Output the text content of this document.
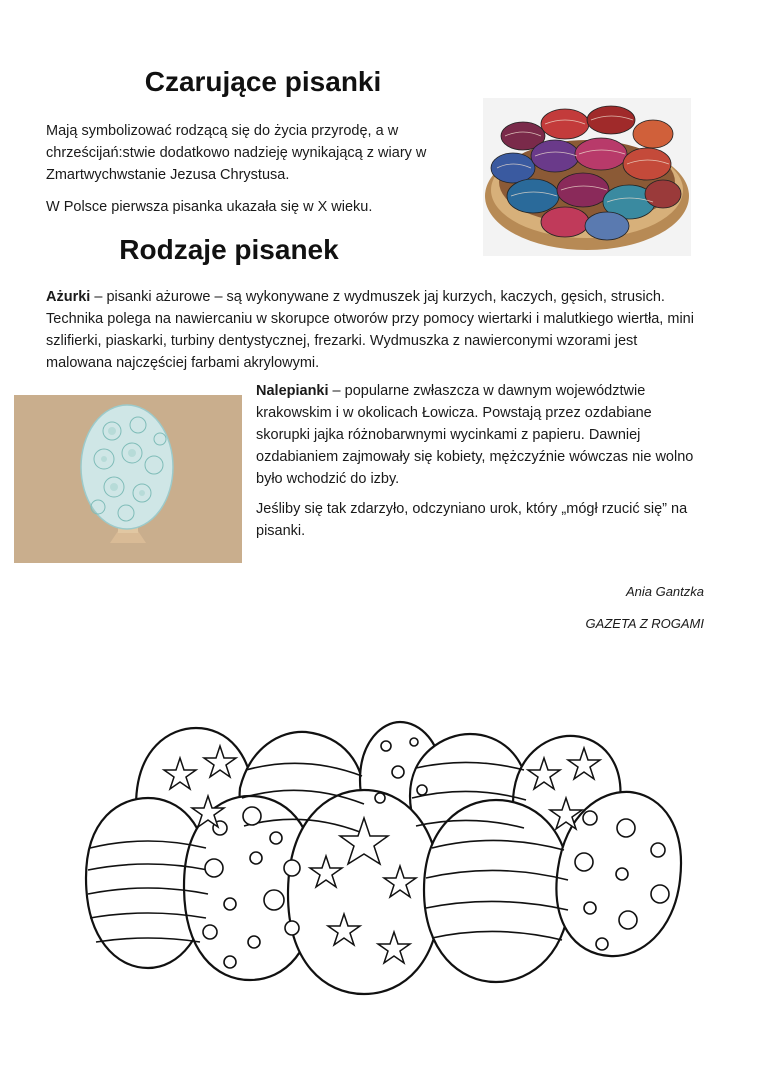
Czarujące pisanki

Mają symbolizować rodzącą się do życia przyrodę, a w chrześcijań:stwie dodatkowo nadzieję wynikającą z wiary w Zmartwychwstanie Jezusa Chrystusa.

W Polsce pierwsza pisanka ukazała się w X wieku.

Rodzaje pisanek

Ażurki – pisanki ażurowe – są wykonywane z wydmuszek jaj kurzych, kaczych, gęsich, strusich. Technika polega na nawiercaniu w skorupce otworów przy pomocy wiertarki i malutkiego wiertła, mini szlifierki, piaskarki, turbiny dentystycznej, frezarki. Wydmuszka z nawierconymi wzorami jest malowana najczęściej farbami akrylowymi.

Nalepianki – popularne zwłaszcza w dawnym województwie krakowskim i w okolicach Łowicza. Powstają przez ozdabiane skorupki jajka różnobarwnymi wycinkami z papieru. Dawniej ozdabianiem zajmowały się kobiety, mężczyźnie wówczas nie wolno było wchodzić do izby.

Jeśliby się tak zdarzyło, odczyniano urok, który „mógł rzucić się” na pisanki.

Ania Gantzka

GAZETA Z ROGAMI
